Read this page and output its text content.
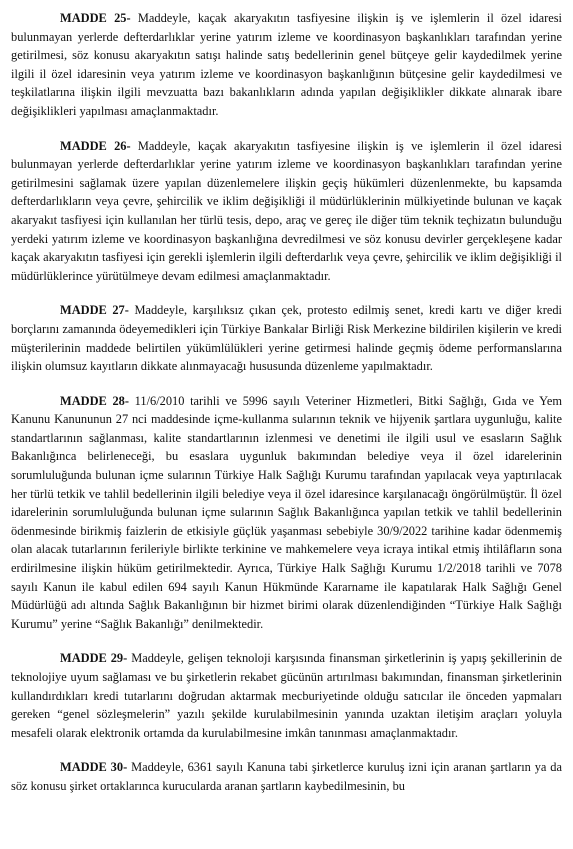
MADDE 25- Maddeyle, kaçak akaryakıtın tasfiyesine ilişkin iş ve işlemlerin il özel idaresi bulunmayan yerlerde defterdarlıklar yerine yatırım izleme ve koordinasyon başkanlıkları tarafından yerine getirilmesi, söz konusu akaryakıtın satışı halinde satış bedellerinin genel bütçeye gelir kaydedilmek yerine ilgili il özel idaresinin veya yatırım izleme ve koordinasyon başkanlığının bütçesine gelir kaydedilmesi ve teşkilatlarına ilişkin ilgili mevzuatta bazı bakanlıkların adında yapılan değişiklikler dikkate alınarak ibare değişiklikleri yapılması amaçlanmaktadır.

MADDE 26- Maddeyle, kaçak akaryakıtın tasfiyesine ilişkin iş ve işlemlerin il özel idaresi bulunmayan yerlerde defterdarlıklar yerine yatırım izleme ve koordinasyon başkanlıkları tarafından yerine getirilmesini sağlamak üzere yapılan düzenlemelere ilişkin geçiş hükümleri düzenlenmekte, bu kapsamda defterdarlıkların veya çevre, şehircilik ve iklim değişikliği il müdürlüklerinin mülkiyetinde bulunan ve kaçak akaryakıt tasfiyesi için kullanılan her türlü tesis, depo, araç ve gereç ile diğer tüm teknik teçhizatın bulunduğu yerdeki yatırım izleme ve koordinasyon başkanlığına devredilmesi ve söz konusu devirler gerçekleşene kadar kaçak akaryakıtın tasfiyesi için gerekli işlemlerin ilgili defterdarlık veya çevre, şehircilik ve iklim değişikliği il müdürlüklerince yürütülmeye devam edilmesi amaçlanmaktadır.

MADDE 27- Maddeyle, karşılıksız çıkan çek, protesto edilmiş senet, kredi kartı ve diğer kredi borçlarını zamanında ödeyemedikleri için Türkiye Bankalar Birliği Risk Merkezine bildirilen kişilerin ve kredi müşterilerinin maddede belirtilen yükümlülükleri yerine getirmesi halinde geçmiş ödeme performanslarına ilişkin olumsuz kayıtların dikkate alınmayacağı hususunda düzenleme yapılmaktadır.

MADDE 28- 11/6/2010 tarihli ve 5996 sayılı Veteriner Hizmetleri, Bitki Sağlığı, Gıda ve Yem Kanunu Kanununun 27 nci maddesinde içme-kullanma sularının teknik ve hijyenik şartlara uygunluğu, kalite standartlarının sağlanması, kalite standartlarının izlenmesi ve denetimi ile ilgili usul ve esasların Sağlık Bakanlığınca belirleneceği, bu esaslara uygunluk bakımından belediye veya il özel idarelerinin sorumluluğunda bulunan içme sularının Türkiye Halk Sağlığı Kurumu tarafından yapılacak veya yaptırılacak her türlü tetkik ve tahlil bedellerinin ilgili belediye veya il özel idaresince karşılanacağı öngörülmüştür. İl özel idarelerinin sorumluluğunda bulunan içme sularının Sağlık Bakanlığınca yapılan tetkik ve tahlil bedellerinin ödenmesinde birikmiş faizlerin de etkisiyle güçlük yaşanması sebebiyle 30/9/2022 tarihine kadar ödenmemiş olan alacak tutarlarının ferileriyle birlikte terkinine ve mahkemelere veya icraya intikal etmiş ihtilâfların sona erdirilmesine ilişkin hüküm getirilmektedir. Ayrıca, Türkiye Halk Sağlığı Kurumu 1/2/2018 tarihli ve 7078 sayılı Kanun ile kabul edilen 694 sayılı Kanun Hükmünde Kararname ile kapatılarak Halk Sağlığı Genel Müdürlüğü adı altında Sağlık Bakanlığının bir hizmet birimi olarak düzenlendiğinden “Türkiye Halk Sağlığı Kurumu” yerine “Sağlık Bakanlığı” denilmektedir.

MADDE 29- Maddeyle, gelişen teknoloji karşısında finansman şirketlerinin iş yapış şekillerinin de teknolojiye uyum sağlaması ve bu şirketlerin rekabet gücünün artırılması bakımından, finansman şirketlerinin kullandırdıkları kredi tutarlarını doğrudan aktarmak mecburiyetinde olduğu satıcılar ile önceden yapmaları gereken “genel sözleşmelerin” yazılı şekilde kurulabilmesinin yanında uzaktan iletişim araçları yoluyla mesafeli olarak elektronik ortamda da kurulabilmesine imkân tanınması amaçlanmaktadır.

MADDE 30- Maddeyle, 6361 sayılı Kanuna tabi şirketlerce kuruluş izni için aranan şartların ya da söz konusu şirket ortaklarınca kurucularda aranan şartların kaybedilmesinin, bu
